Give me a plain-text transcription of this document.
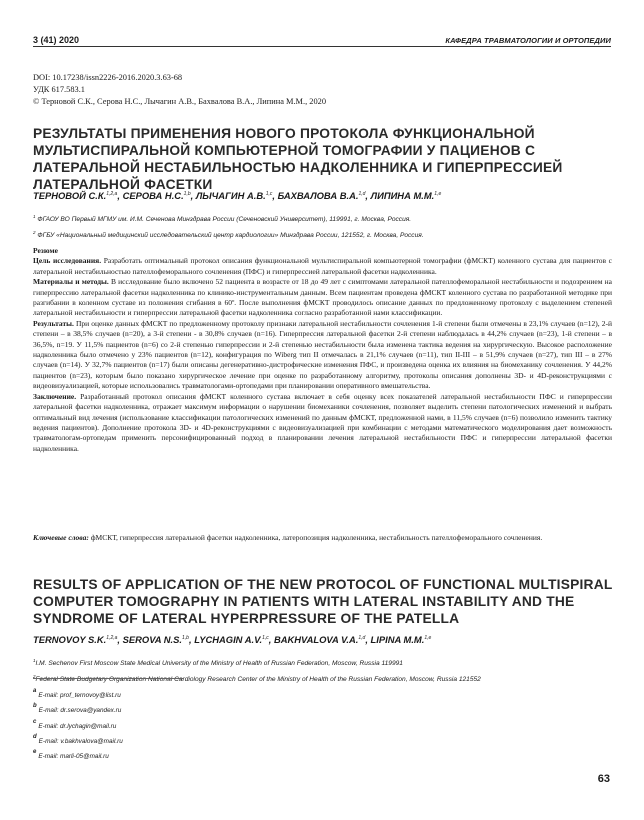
3 (41) 2020	КАФЕДРА ТРАВМАТОЛОГИИ И ОРТОПЕДИИ
DOI: 10.17238/issn2226-2016.2020.3.63-68
УДК 617.583.1
© Терновой С.К., Серова Н.С., Лычагин А.В., Бахвалова В.А., Липина М.М., 2020
РЕЗУЛЬТАТЫ ПРИМЕНЕНИЯ НОВОГО ПРОТОКОЛА ФУНКЦИОНАЛЬНОЙ МУЛЬТИСПИРАЛЬНОЙ КОМПЬЮТЕРНОЙ ТОМОГРАФИИ У ПАЦИЕНОВ С ЛАТЕРАЛЬНОЙ НЕСТАБИЛЬНОСТЬЮ НАДКОЛЕННИКА И ГИПЕРПРЕССИЕЙ ЛАТЕРАЛЬНОЙ ФАСЕТКИ
ТЕРНОВОЙ С.К.$^{1,2,a}$, СЕРОВА Н.С.$^{1,b}$, ЛЫЧАГИН А.В.$^{1,c}$, БАХВАЛОВА В.А.$^{1,d}$, ЛИПИНА М.М.$^{1,e}$
$^1$ ФГАОУ ВО Первый МГМУ им. И.М. Сеченова Минздрава России (Сеченовский Университет), 119991, г. Москва, Россия.
$^2$ ФГБУ «Национальный медицинский исследовательский центр кардиологии» Минздрава России, 121552, г. Москва, Россия.

Резюме

Цель исследования. Разработать оптимальный протокол описания функциональной мультиспиральной компьютерной томографии (фМСКТ) коленного сустава для пациентов с латеральной нестабильностью пателлофеморального сочленения (ПФС) и гиперпрессией латеральной фасетки надколенника.

Материалы и методы. В исследование было включено 52 пациента в возрасте от 18 до 49 лет с симптомами латеральной пателлофеморальной нестабильности и подозрением на гиперпрессию латеральной фасетки надколенника по клинико-инструментальным данным. Всем пациентам проведена фМСКТ коленного сустава по разработанной методике при разгибании в коленном суставе из положения сгибания в 60º. После выполнения фМСКТ проводилось описание данных по предложенному протоколу с выделением степеней латеральной нестабильности и гиперпрессии латеральной фасетки надколенника согласно разработанной нами классификации.

Результаты. При оценке данных фМСКТ по предложенному протоколу признаки латеральной нестабильности сочленения 1-й степени были отмечены в 23,1% случаев (n=12), 2-й степени – в 38,5% случаев (n=20), а 3-й степени - в 30,8% случаев (n=16). Гиперпрессия латеральной фасетки 2-й степени наблюдалась в 44,2% случаев (n=23), 1-й степени – в 36,5%, n=19. У 11,5% пациентов (n=6) со 2-й степенью гиперпрессии и 2-й степенью нестабильности была изменена тактика ведения на хирургическую. Высокое расположение надколенника было отмечено у 23% пациентов (n=12), конфигурация по Wiberg тип II отмечалась в 21,1% случаев (n=11), тип II-III – в 51,9% случаев (n=27), тип III – в 27% случаев (n=14). У 32,7% пациентов (n=17) были описаны дегенеративно-дистрофические изменения ПФС, и произведена оценка их влияния на биомеханику сочленения. У 44,2% пациентов (n=23), которым было показано хирургическое лечение при оценке по разработанному алгоритму, протоколы описания дополнены 3D- и 4D-реконструкциями с видеовизуализацией, которые использовались травматологами-ортопедами при планировании оперативного вмешательства.

Заключение. Разработанный протокол описания фМСКТ коленного сустава включает в себя оценку всех показателей латеральной нестабильности ПФС и гиперпрессии латеральной фасетки надколенника, отражает максимум информации о нарушении биомеханики сочленения, позволяет выделить степени патологических изменений и выбрать оптимальный вид лечения (использование классификации патологических изменений по данным фМСКТ, предложенной нами, в 11,5% случаев (n=6) позволило изменить тактику ведения пациентов). Дополнение протокола 3D- и 4D-реконструкциями с видеовизуализацией при комбинации с методами математического моделирования дает возможность травматологам-ортопедам применить персонифицированный подход в планировании лечения латеральной нестабильности ПФС и гиперпрессии латеральной фасетки надколенника.

Ключевые слова: фМСКТ, гиперпрессия латеральной фасетки надколенника, латеропозиция надколенника, нестабильность пателлофеморального сочленения.
RESULTS OF APPLICATION OF THE NEW PROTOCOL OF FUNCTIONAL MULTISPIRAL COMPUTER TOMOGRAPHY IN PATIENTS WITH LATERAL INSTABILITY AND THE SYNDROME OF LATERAL HYPERPRESSURE OF THE PATELLA
TERNOVOY S.K.$^{1,2,a}$, SEROVA N.S.$^{1,b}$, LYCHAGIN A.V.$^{1,c}$, BAKHVALOVA V.A.$^{1,d}$, LIPINA M.M.$^{1,e}$
$^1$I.M. Sechenov First Moscow State Medical University of the Ministry of Health of Russian Federation, Moscow, Russia 119991
$^2$Federal State Budgetary Organization National Cardiology Research Center of the Ministry of Health of the Russian Federation, Moscow, Russia 121552
$^a$E-mail: prof_ternovoy@list.ru
$^b$E-mail: dr.serova@yandex.ru
$^c$E-mail: dr.lychagin@mail.ru
$^d$E-mail: v.bakhvalova@mail.ru
$^e$E-mail: marli-05@mail.ru
63
